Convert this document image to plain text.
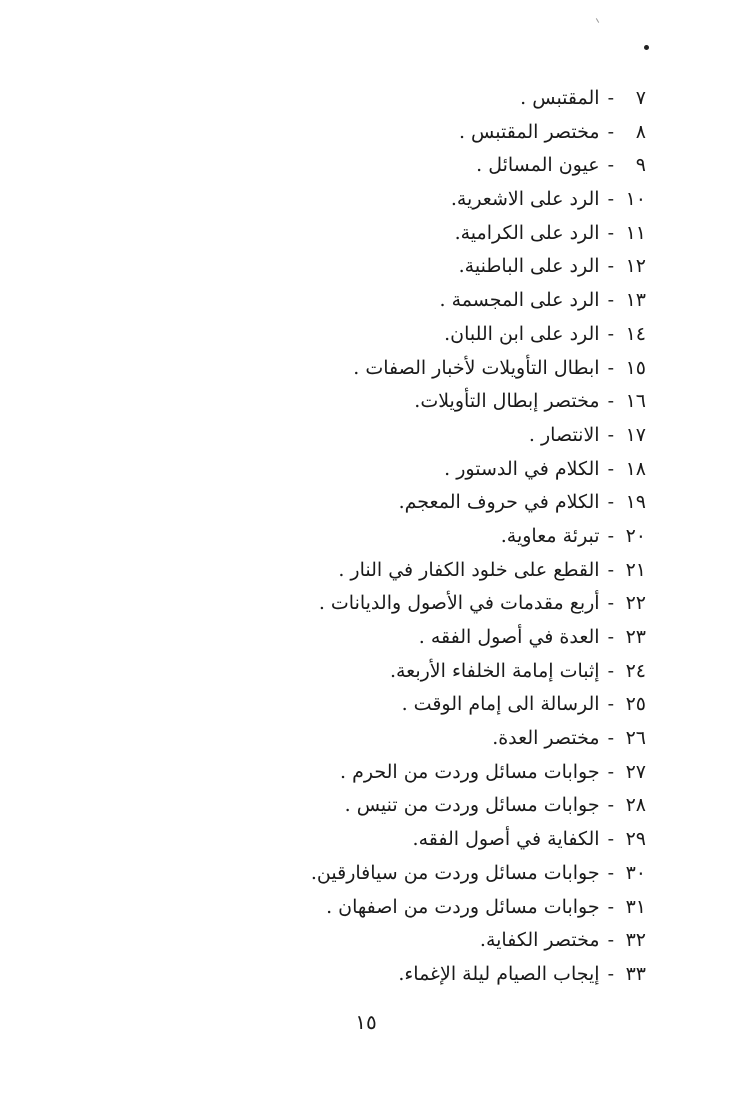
٧-المقتبس .
٨-مختصر المقتبس .
٩-عيون المسائل .
١٠-الرد على الاشعرية.
١١-الرد على الكرامية.
١٢-الرد على الباطنية.
١٣-الرد على المجسمة .
١٤-الرد على ابن اللبان.
١٥-ابطال التأويلات لأخبار الصفات .
١٦-مختصر إبطال التأويلات.
١٧-الانتصار .
١٨-الكلام في الدستور .
١٩-الكلام في حروف المعجم.
٢٠-تبرئة معاوية.
٢١-القطع على خلود الكفار في النار .
٢٢-أربع مقدمات في الأصول والديانات .
٢٣-العدة في أصول الفقه .
٢٤-إثبات إمامة الخلفاء الأربعة.
٢٥-الرسالة الى إمام الوقت .
٢٦-مختصر العدة.
٢٧-جوابات مسائل وردت من الحرم .
٢٨-جوابات مسائل وردت من تنيس .
٢٩-الكفاية في أصول الفقه.
٣٠-جوابات مسائل وردت من سيافارقين.
٣١-جوابات مسائل وردت من اصفهان .
٣٢-مختصر الكفاية.
٣٣-إيجاب الصيام ليلة الإغماء.
١٥
